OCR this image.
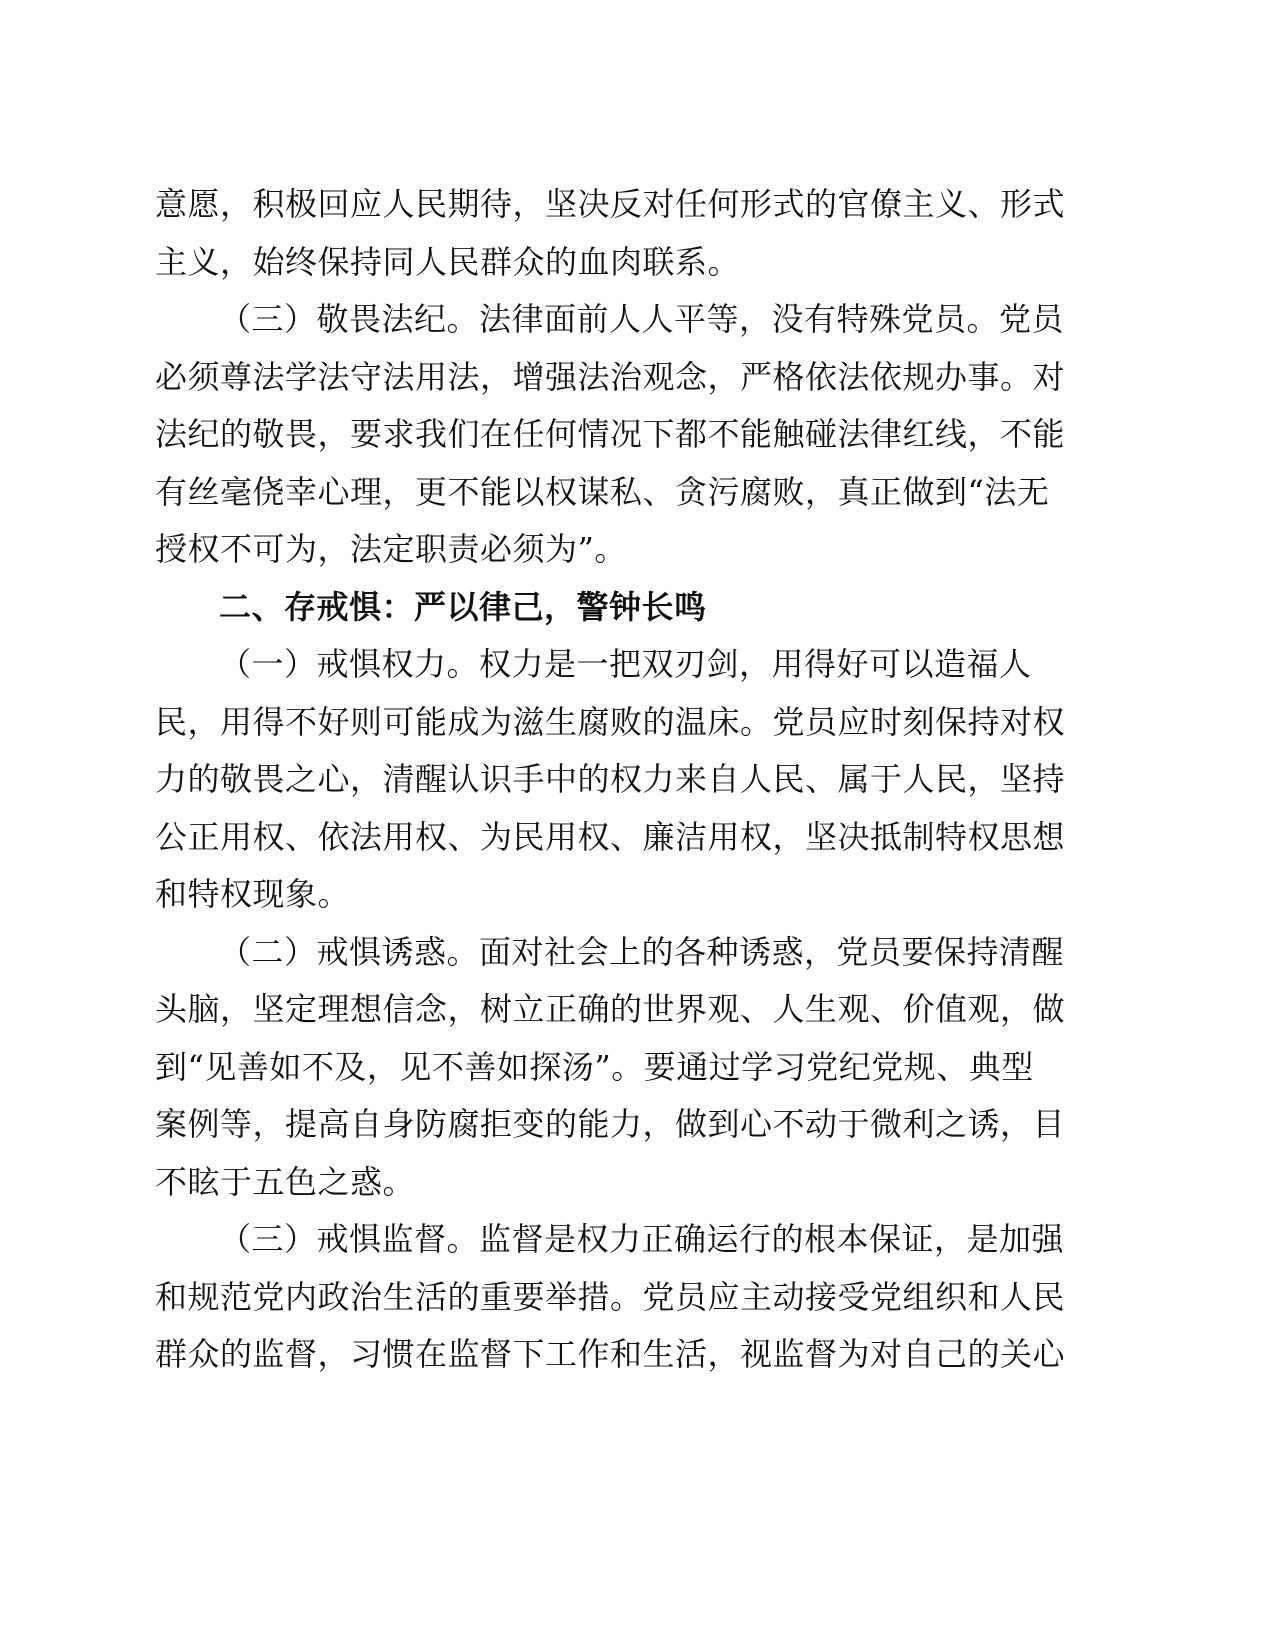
意愿，积极回应人民期待，坚决反对任何形式的官僚主义、形式
主义，始终保持同人民群众的血肉联系。
（三）敬畏法纪。法律面前人人平等，没有特殊党员。党员
必须尊法学法守法用法，增强法治观念，严格依法依规办事。对
法纪的敬畏，要求我们在任何情况下都不能触碰法律红线，不能
有丝毫侥幸心理，更不能以权谋私、贪污腐败，真正做到“法无
授权不可为，法定职责必须为”。
二、存戒惧：严以律己，警钟长鸣
（一）戒惧权力。权力是一把双刃剑，用得好可以造福人
民，用得不好则可能成为滋生腐败的温床。党员应时刻保持对权
力的敬畏之心，清醒认识手中的权力来自人民、属于人民，坚持
公正用权、依法用权、为民用权、廉洁用权，坚决抵制特权思想
和特权现象。
（二）戒惧诱惑。面对社会上的各种诱惑，党员要保持清醒
头脑，坚定理想信念，树立正确的世界观、人生观、价值观，做
到“见善如不及，见不善如探汤”。要通过学习党纪党规、典型
案例等，提高自身防腐拒变的能力，做到心不动于微利之诱，目
不眩于五色之惑。
（三）戒惧监督。监督是权力正确运行的根本保证，是加强
和规范党内政治生活的重要举措。党员应主动接受党组织和人民
群众的监督，习惯在监督下工作和生活，视监督为对自己的关心
